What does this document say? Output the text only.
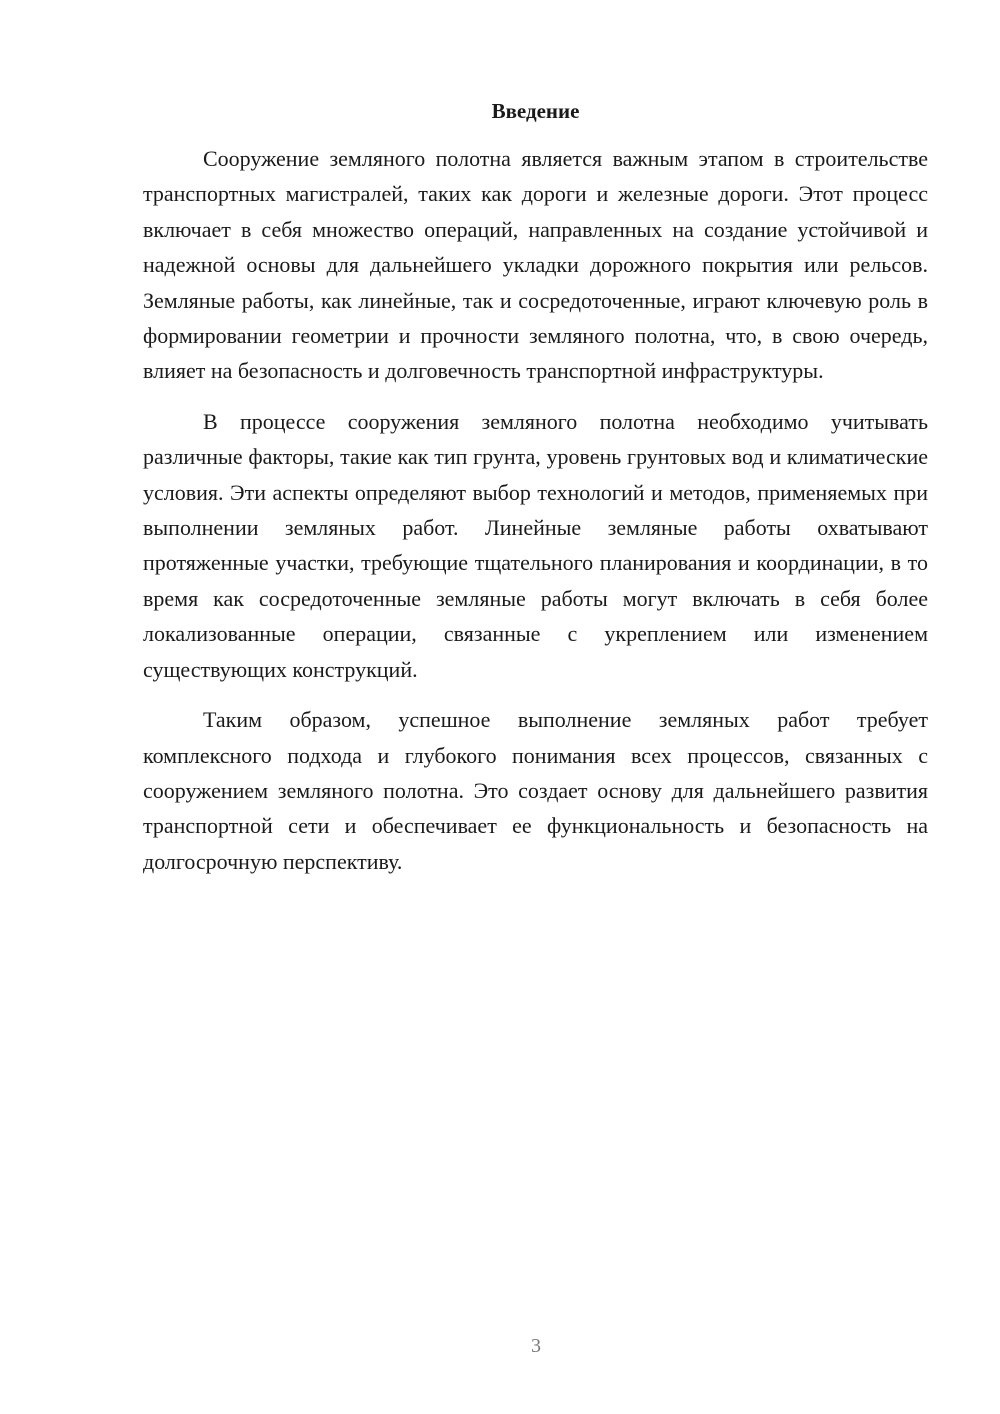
Введение

Сооружение земляного полотна является важным этапом в строительстве транспортных магистралей, таких как дороги и железные дороги. Этот процесс включает в себя множество операций, направленных на создание устойчивой и надежной основы для дальнейшего укладки дорожного покрытия или рельсов. Земляные работы, как линейные, так и сосредоточенные, играют ключевую роль в формировании геометрии и прочности земляного полотна, что, в свою очередь, влияет на безопасность и долговечность транспортной инфраструктуры.

В процессе сооружения земляного полотна необходимо учитывать различные факторы, такие как тип грунта, уровень грунтовых вод и климатические условия. Эти аспекты определяют выбор технологий и методов, применяемых при выполнении земляных работ. Линейные земляные работы охватывают протяженные участки, требующие тщательного планирования и координации, в то время как сосредоточенные земляные работы могут включать в себя более локализованные операции, связанные с укреплением или изменением существующих конструкций.

Таким образом, успешное выполнение земляных работ требует комплексного подхода и глубокого понимания всех процессов, связанных с сооружением земляного полотна. Это создает основу для дальнейшего развития транспортной сети и обеспечивает ее функциональность и безопасность на долгосрочную перспективу.

3
